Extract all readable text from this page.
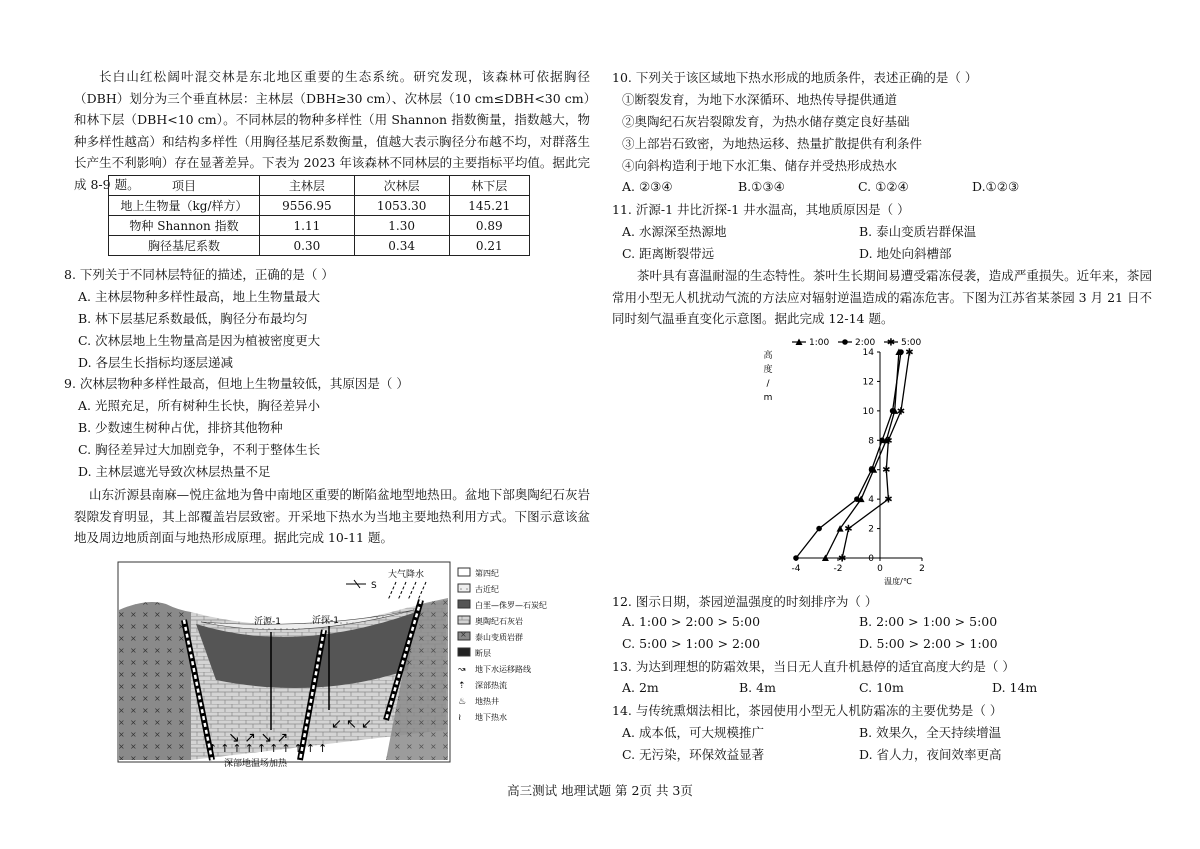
长白山红松阔叶混交林是东北地区重要的生态系统。研究发现，该森林可依据胸径（DBH）划分为三个垂直林层：主林层（DBH≥30 cm）、次林层（10 cm≤DBH<30 cm）和林下层（DBH<10 cm）。不同林层的物种多样性（用 Shannon 指数衡量，指数越大，物种多样性越高）和结构多样性（用胸径基尼系数衡量，值越大表示胸径分布越不均，对群落生长产生不利影响）存在显著差异。下表为 2023 年该森林不同林层的主要指标平均值。据此完成 8-9 题。	项目	主林层	次林层	林下层
地上生物量（kg/样方）	9556.95	1053.30	145.21
物种 Shannon 指数	1.11	1.30	0.89
胸径基尼系数	0.30	0.34	0.21
8. 下列关于不同林层特征的描述，正确的是（ ）
A. 主林层物种多样性最高，地上生物量最大
B. 林下层基尼系数最低，胸径分布最均匀
C. 次林层地上生物量高是因为植被密度更大
D. 各层生长指标均逐层递减
9. 次林层物种多样性最高，但地上生物量较低，其原因是（ ）
A. 光照充足，所有树种生长快，胸径差异小
B. 少数速生树种占优，排挤其他物种
C. 胸径差异过大加剧竞争，不利于整体生长
D. 主林层遮光导致次林层热量不足
山东沂源县南麻—悦庄盆地为鲁中南地区重要的断陷盆地型地热田。盆地下部奥陶纪石灰岩裂隙发育明显，其上部覆盖岩层致密。开采地下热水为当地主要地热利用方式。下图示意该盆地及周边地质剖面与地热形成原理。据此完成 10-11 题。
沂源-1	沂探-1
大气降水
S
↘ ↗ ↘ ↗
↙ ↖ ↙
↑↑↑↑↑↑↑↑↑↑
深部地温场加热
第四纪
古近纪
白垩—侏罗—石炭纪
奥陶纪石灰岩
泰山变质岩群
断层
↝ 地下水运移路线
⇡ 深部热流
♨ 地热井
≀ 地下热水
10. 下列关于该区域地下热水形成的地质条件，表述正确的是（ ）
①断裂发育，为地下水深循环、地热传导提供通道
②奥陶纪石灰岩裂隙发育，为热水储存奠定良好基础
③上部岩石致密，为地热运移、热量扩散提供有利条件
④向斜构造利于地下水汇集、储存并受热形成热水
A. ②③④	B.①③④	C. ①②④	D.①②③
11. 沂源-1 井比沂探-1 井水温高，其地质原因是（ ）
A. 水源深至热源地	B. 泰山变质岩群保温
C. 距离断裂带远	D. 地处向斜槽部
茶叶具有喜温耐湿的生态特性。茶叶生长期间易遭受霜冻侵袭，造成严重损失。近年来，茶园常用小型无人机扰动气流的方法应对辐射逆温造成的霜冻危害。下图为江苏省某茶园 3 月 21 日不同时刻气温垂直变化示意图。据此完成 12-14 题。
12. 图示日期，茶园逆温强度的时刻排序为（ ）
A. 1:00 > 2:00 > 5:00	B. 2:00 > 1:00 > 5:00
C. 5:00 > 1:00 > 2:00	D. 5:00 > 2:00 > 1:00
13. 为达到理想的防霜效果，当日无人直升机悬停的适宜高度大约是（ ）
A. 2m	B. 4m	C. 10m	D. 14m
14. 与传统熏烟法相比，茶园使用小型无人机防霜冻的主要优势是（ ）
A. 成本低，可大规模推广	B. 效果久，全天持续增温
C. 无污染，环保效益显著	D. 省人力，夜间效率更高
高度/ m
温度/℃
0
2
4
8
10
12
14
-4	-2	0	2
✱
✱
✱
✱
✱
✱
✱
1:00	2:00 ✱ 5:00
高三测试 地理试题 第 2页 共 3页
